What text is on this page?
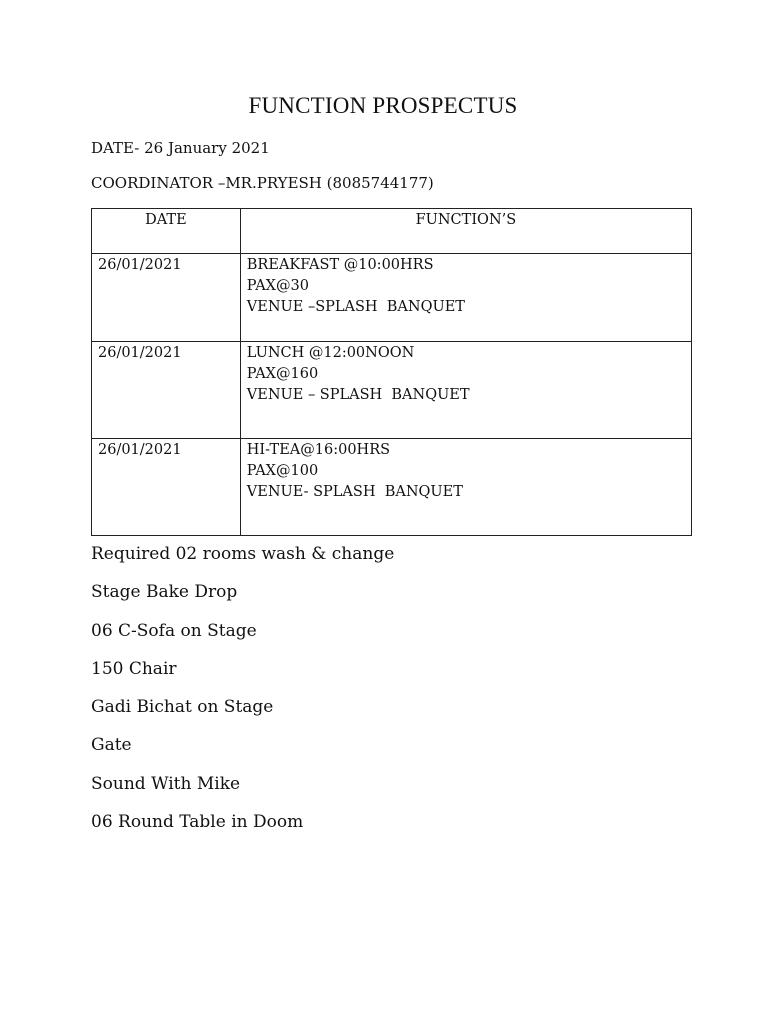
FUNCTION PROSPECTUS
DATE- 26 January 2021
COORDINATOR –MR.PRYESH (8085744177)
DATE	FUNCTION’S
26/01/2021	BREAKFAST @10:00HRS
PAX@30
VENUE –SPLASH  BANQUET

26/01/2021	LUNCH @12:00NOON
PAX@160
VENUE – SPLASH  BANQUET

26/01/2021	HI-TEA@16:00HRS
PAX@100
VENUE- SPLASH  BANQUET
Required 02 rooms wash & change
Stage Bake Drop
06 C-Sofa on Stage
150 Chair
Gadi Bichat on Stage
Gate
Sound With Mike
06 Round Table in Doom
